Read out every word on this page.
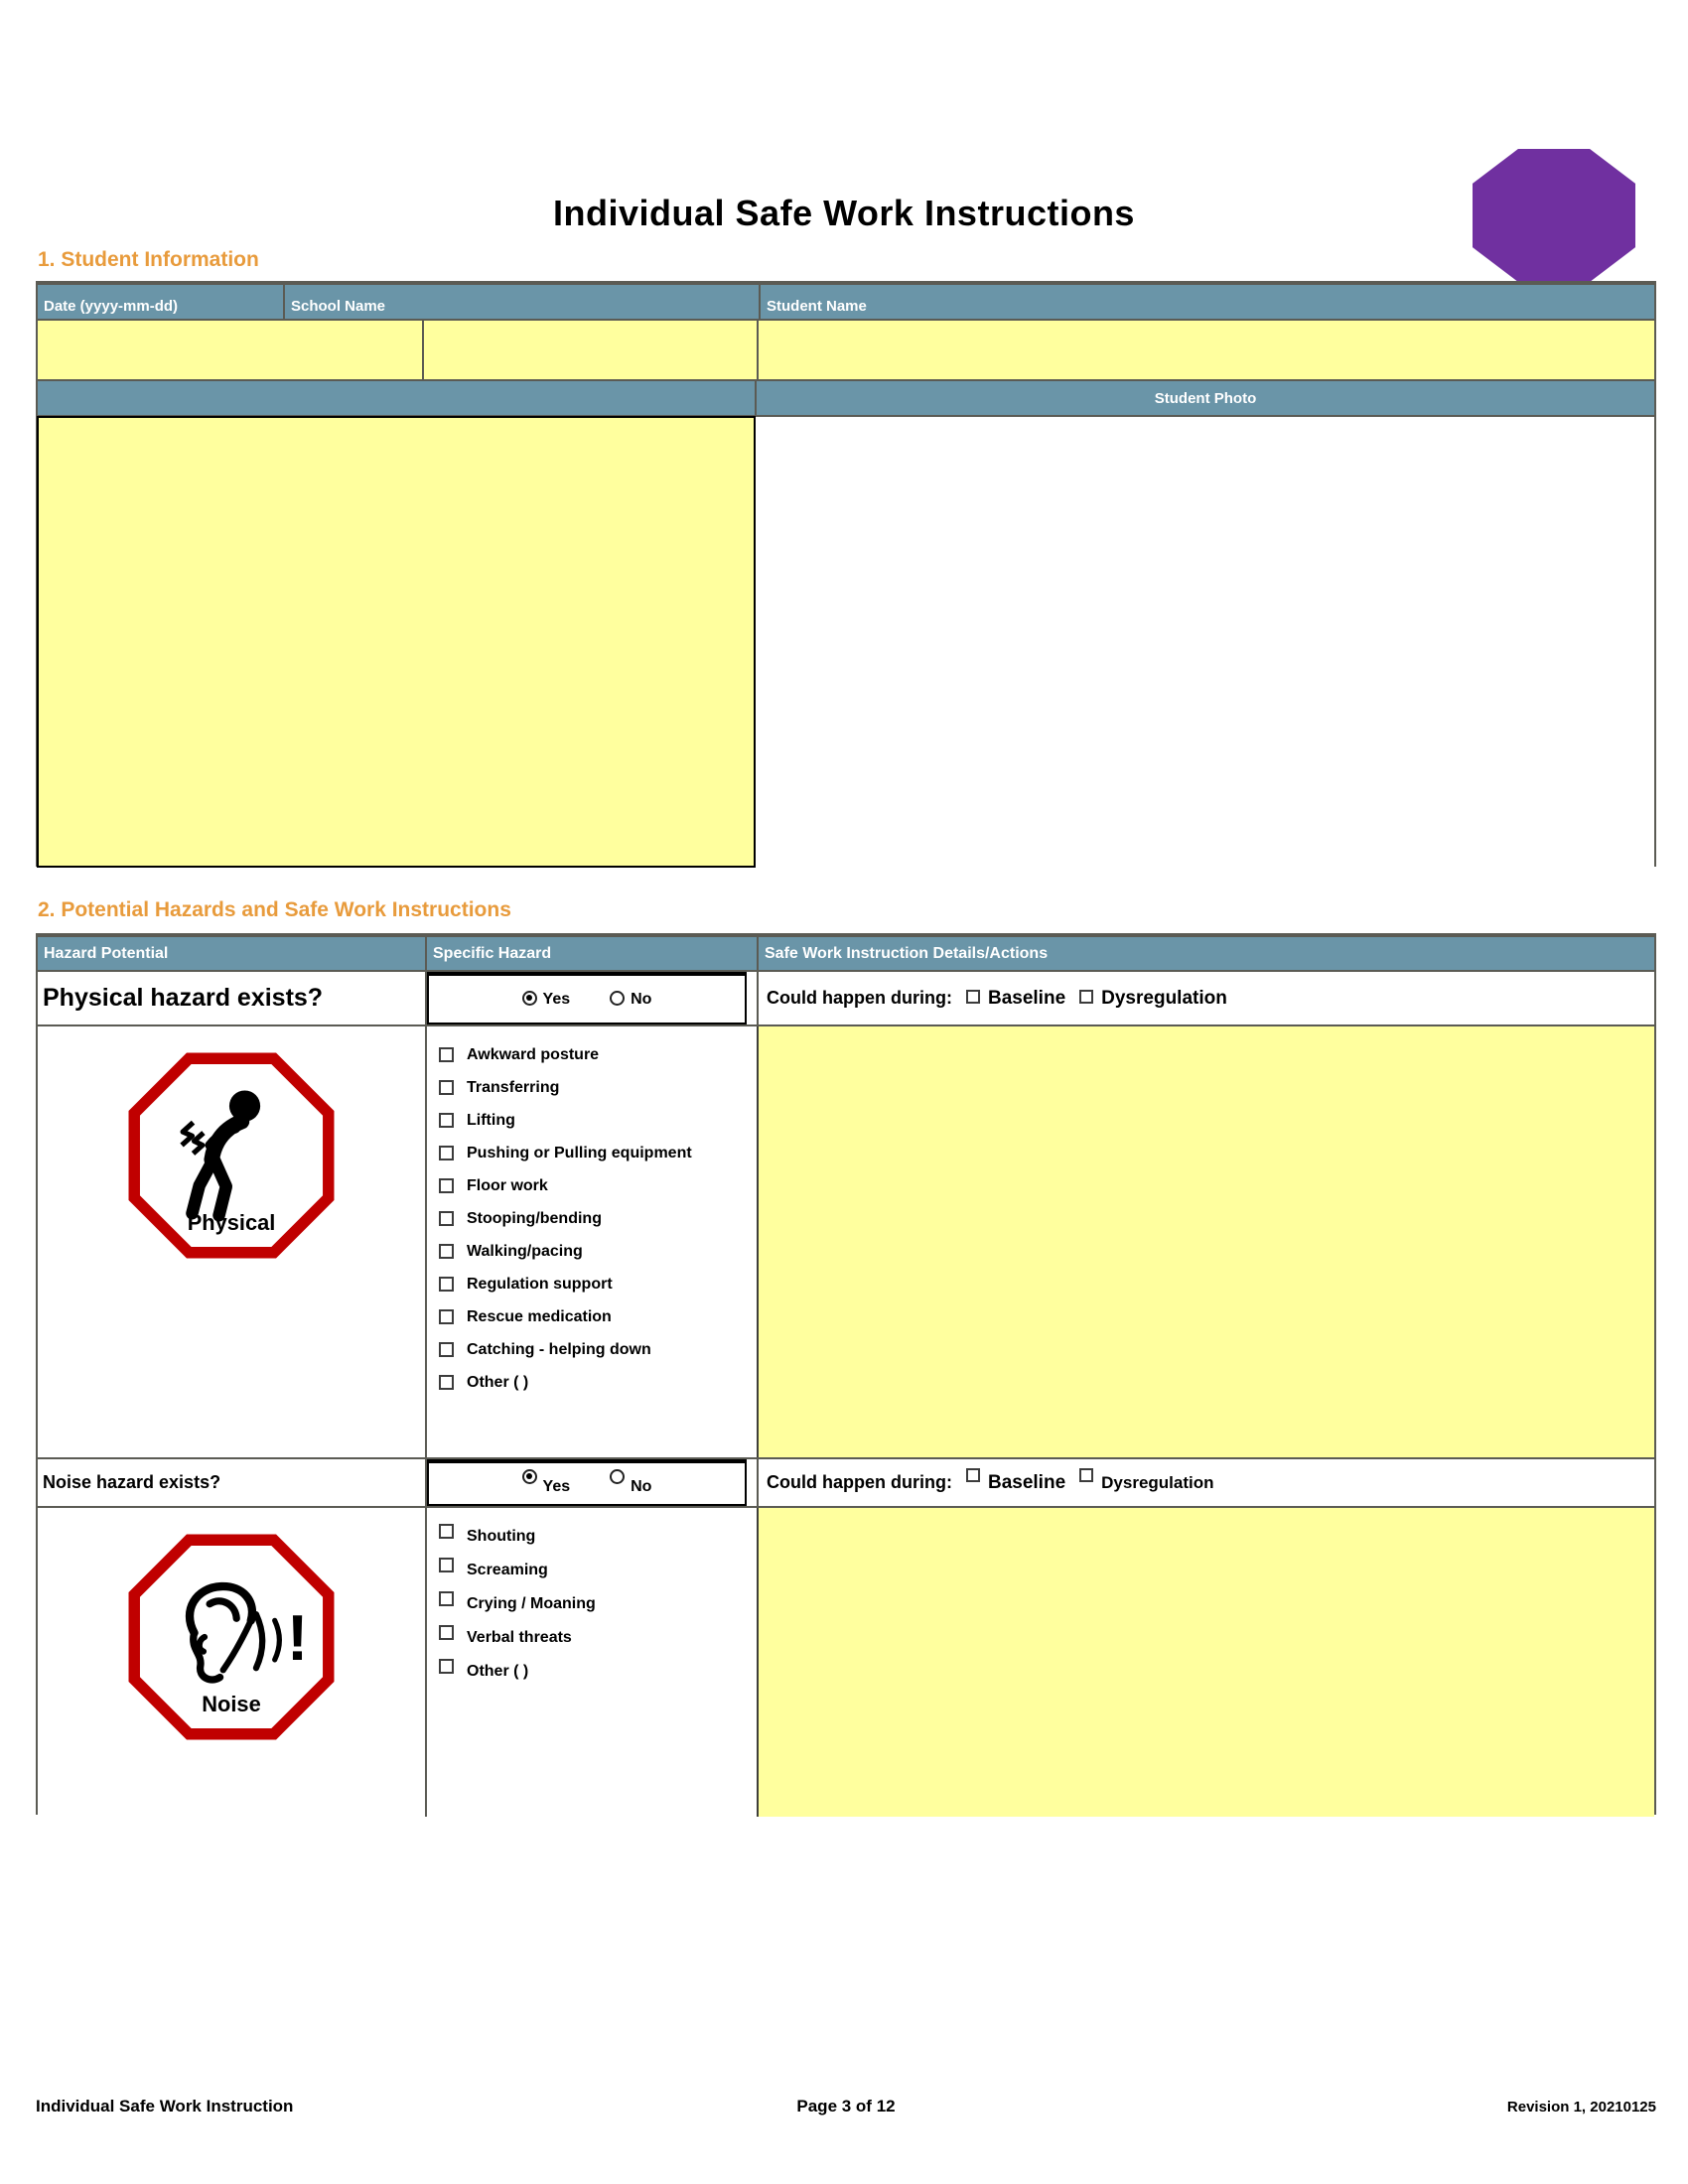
Individual Safe Work Instructions
1. Student Information
Date (yyyy-mm-dd)	School Name	Student Name
Student Photo
2. Potential Hazards and Safe Work Instructions
Hazard Potential	Specific Hazard	Safe Work Instruction Details/Actions
Physical hazard exists?	Yes	No	Could happen during:	Baseline	Dysregulation
Physical
Awkward posture
Transferring
Lifting
Pushing or Pulling equipment
Floor work
Stooping/bending
Walking/pacing
Regulation support
Rescue medication
Catching - helping down
Other ( )
Noise hazard exists?	Yes	No	Could happen during:	Baseline	Dysregulation
!
Noise
Shouting
Screaming
Crying / Moaning
Verbal threats
Other ( )
Individual Safe Work Instruction	Page 3 of 12	Revision 1, 20210125
